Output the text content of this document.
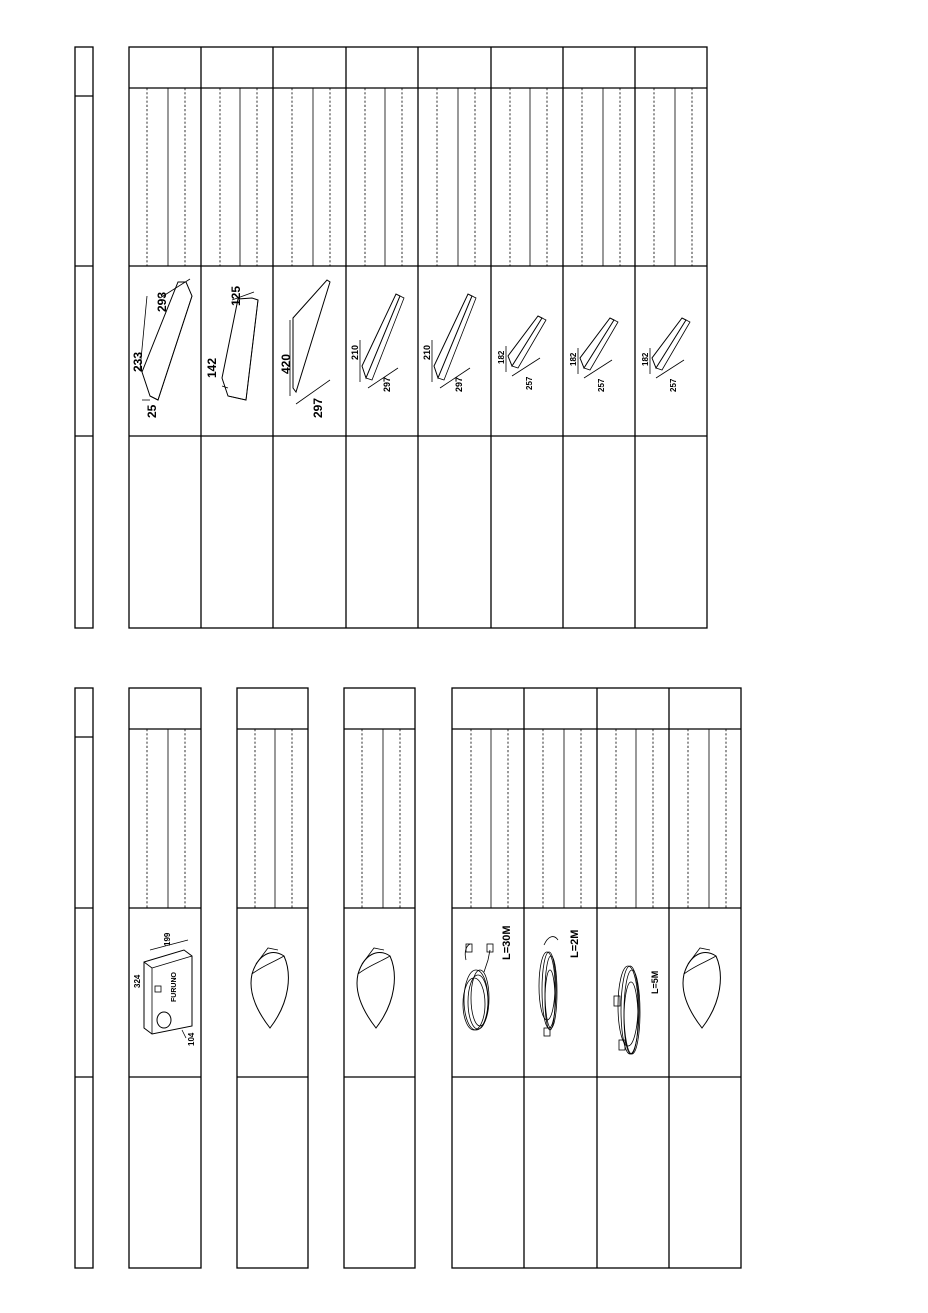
25
233
293
142
125
420
297
210
297
210
297
182
257
182
257
182
257
199
324
104
FURUNO
L=30M	L=2M
L=5M
